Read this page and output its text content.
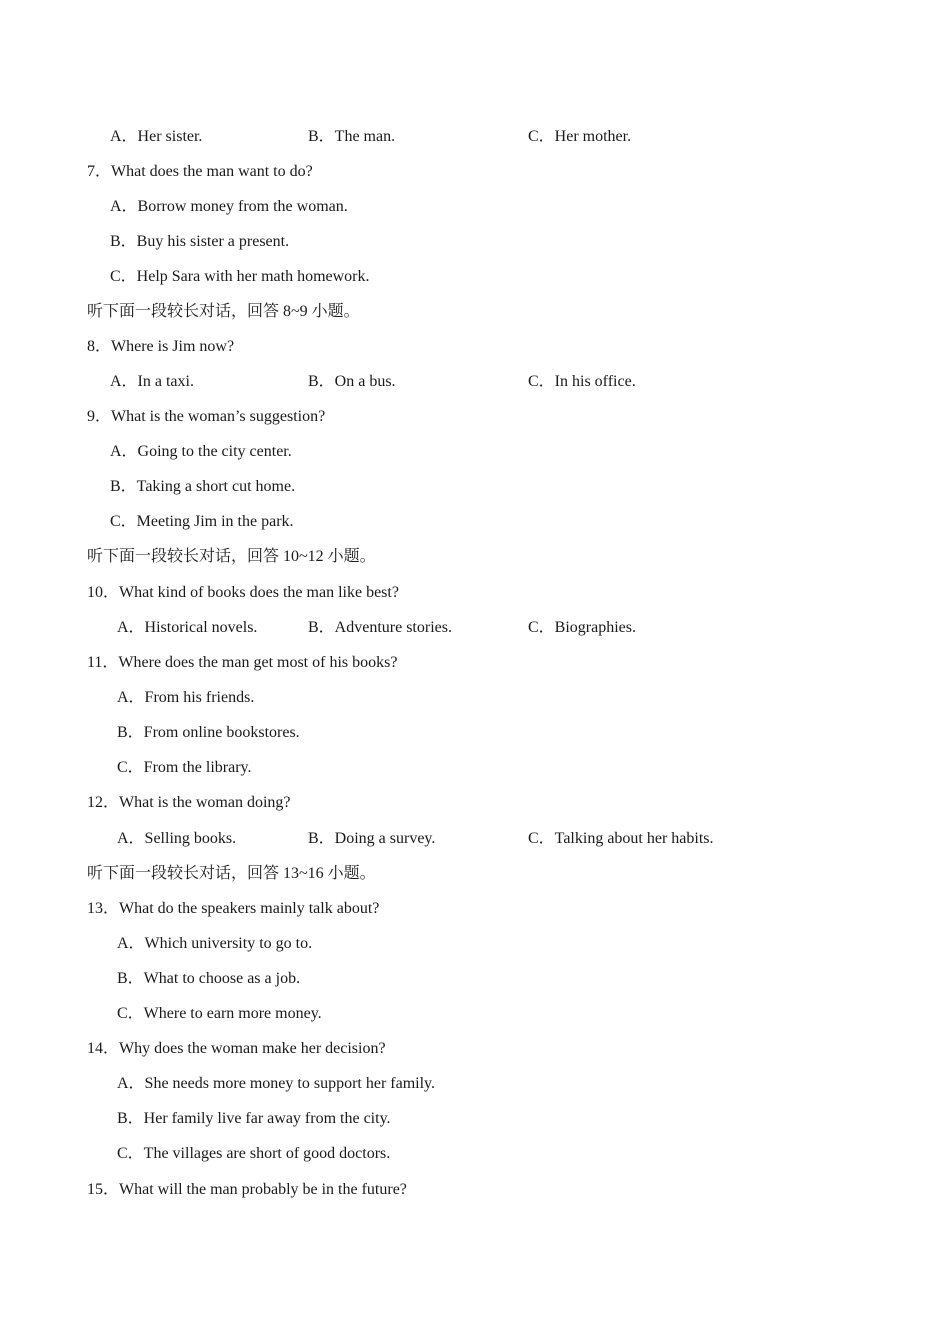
A．Her sister.	B．The man.	C．Her mother.
7．What does the man want to do?
A．Borrow money from the woman.
B．Buy his sister a present.
C．Help Sara with her math homework.
听下面一段较长对话，回答 8~9 小题。
8．Where is Jim now?
A．In a taxi.	B．On a bus.	C．In his office.
9．What is the woman’s suggestion?
A．Going to the city center.
B．Taking a short cut home.
C．Meeting Jim in the park.
听下面一段较长对话，回答 10~12 小题。
10．What kind of books does the man like best?
A．Historical novels.	B．Adventure stories.	C．Biographies.
11．Where does the man get most of his books?
A．From his friends.
B．From online bookstores.
C．From the library.
12．What is the woman doing?
A．Selling books.	B．Doing a survey.	C．Talking about her habits.
听下面一段较长对话，回答 13~16 小题。
13．What do the speakers mainly talk about?
A．Which university to go to.
B．What to choose as a job.
C．Where to earn more money.
14．Why does the woman make her decision?
A．She needs more money to support her family.
B．Her family live far away from the city.
C．The villages are short of good doctors.
15．What will the man probably be in the future?
